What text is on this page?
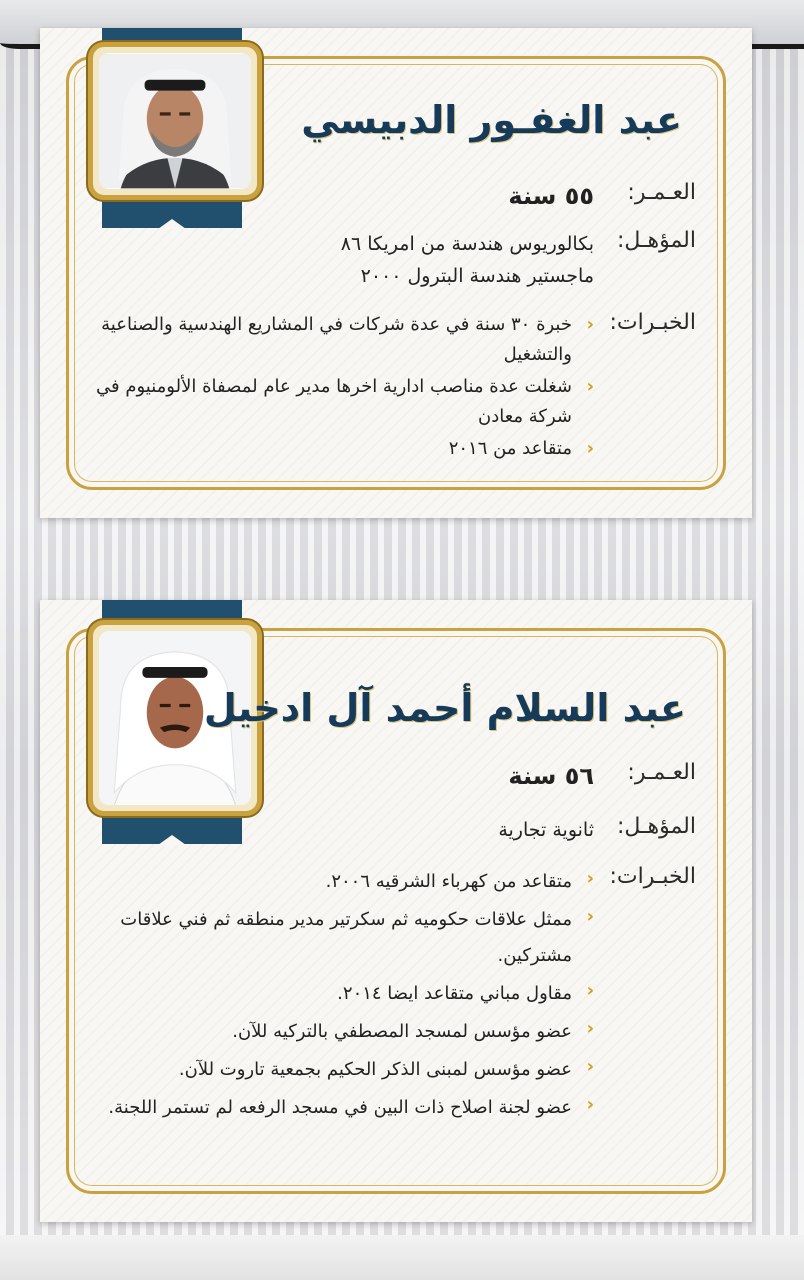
عبد الغفـور الدبيسي
العـمـر:
٥٥ سنة
المؤهـل:
بكالوريوس هندسة من امريكا ٨٦
ماجستير هندسة البترول ٢٠٠٠
الخبـرات:
‹
خبرة ٣٠ سنة في عدة شركات في المشاريع الهندسية والصناعية والتشغيل
‹
شغلت عدة مناصب ادارية اخرها مدير عام لمصفاة الألومنيوم في شركة معادن
‹
متقاعد من ٢٠١٦
عبد السلام أحمد آل ادخيل
العـمـر:
٥٦ سنة
المؤهـل:
ثانوية تجارية
الخبـرات:
‹
متقاعد من كهرباء الشرقيه ٢٠٠٦.
‹
ممثل علاقات حكوميه ثم سكرتير مدير منطقه ثم فني علاقات مشتركين.
‹
مقاول مباني متقاعد ايضا ٢٠١٤.
‹
عضو مؤسس لمسجد المصطفي بالتركيه للآن.
‹
عضو مؤسس لمبنى الذكر الحكيم بجمعية تاروت للآن.
‹
عضو لجنة اصلاح ذات البين في مسجد الرفعه لم تستمر اللجنة.
